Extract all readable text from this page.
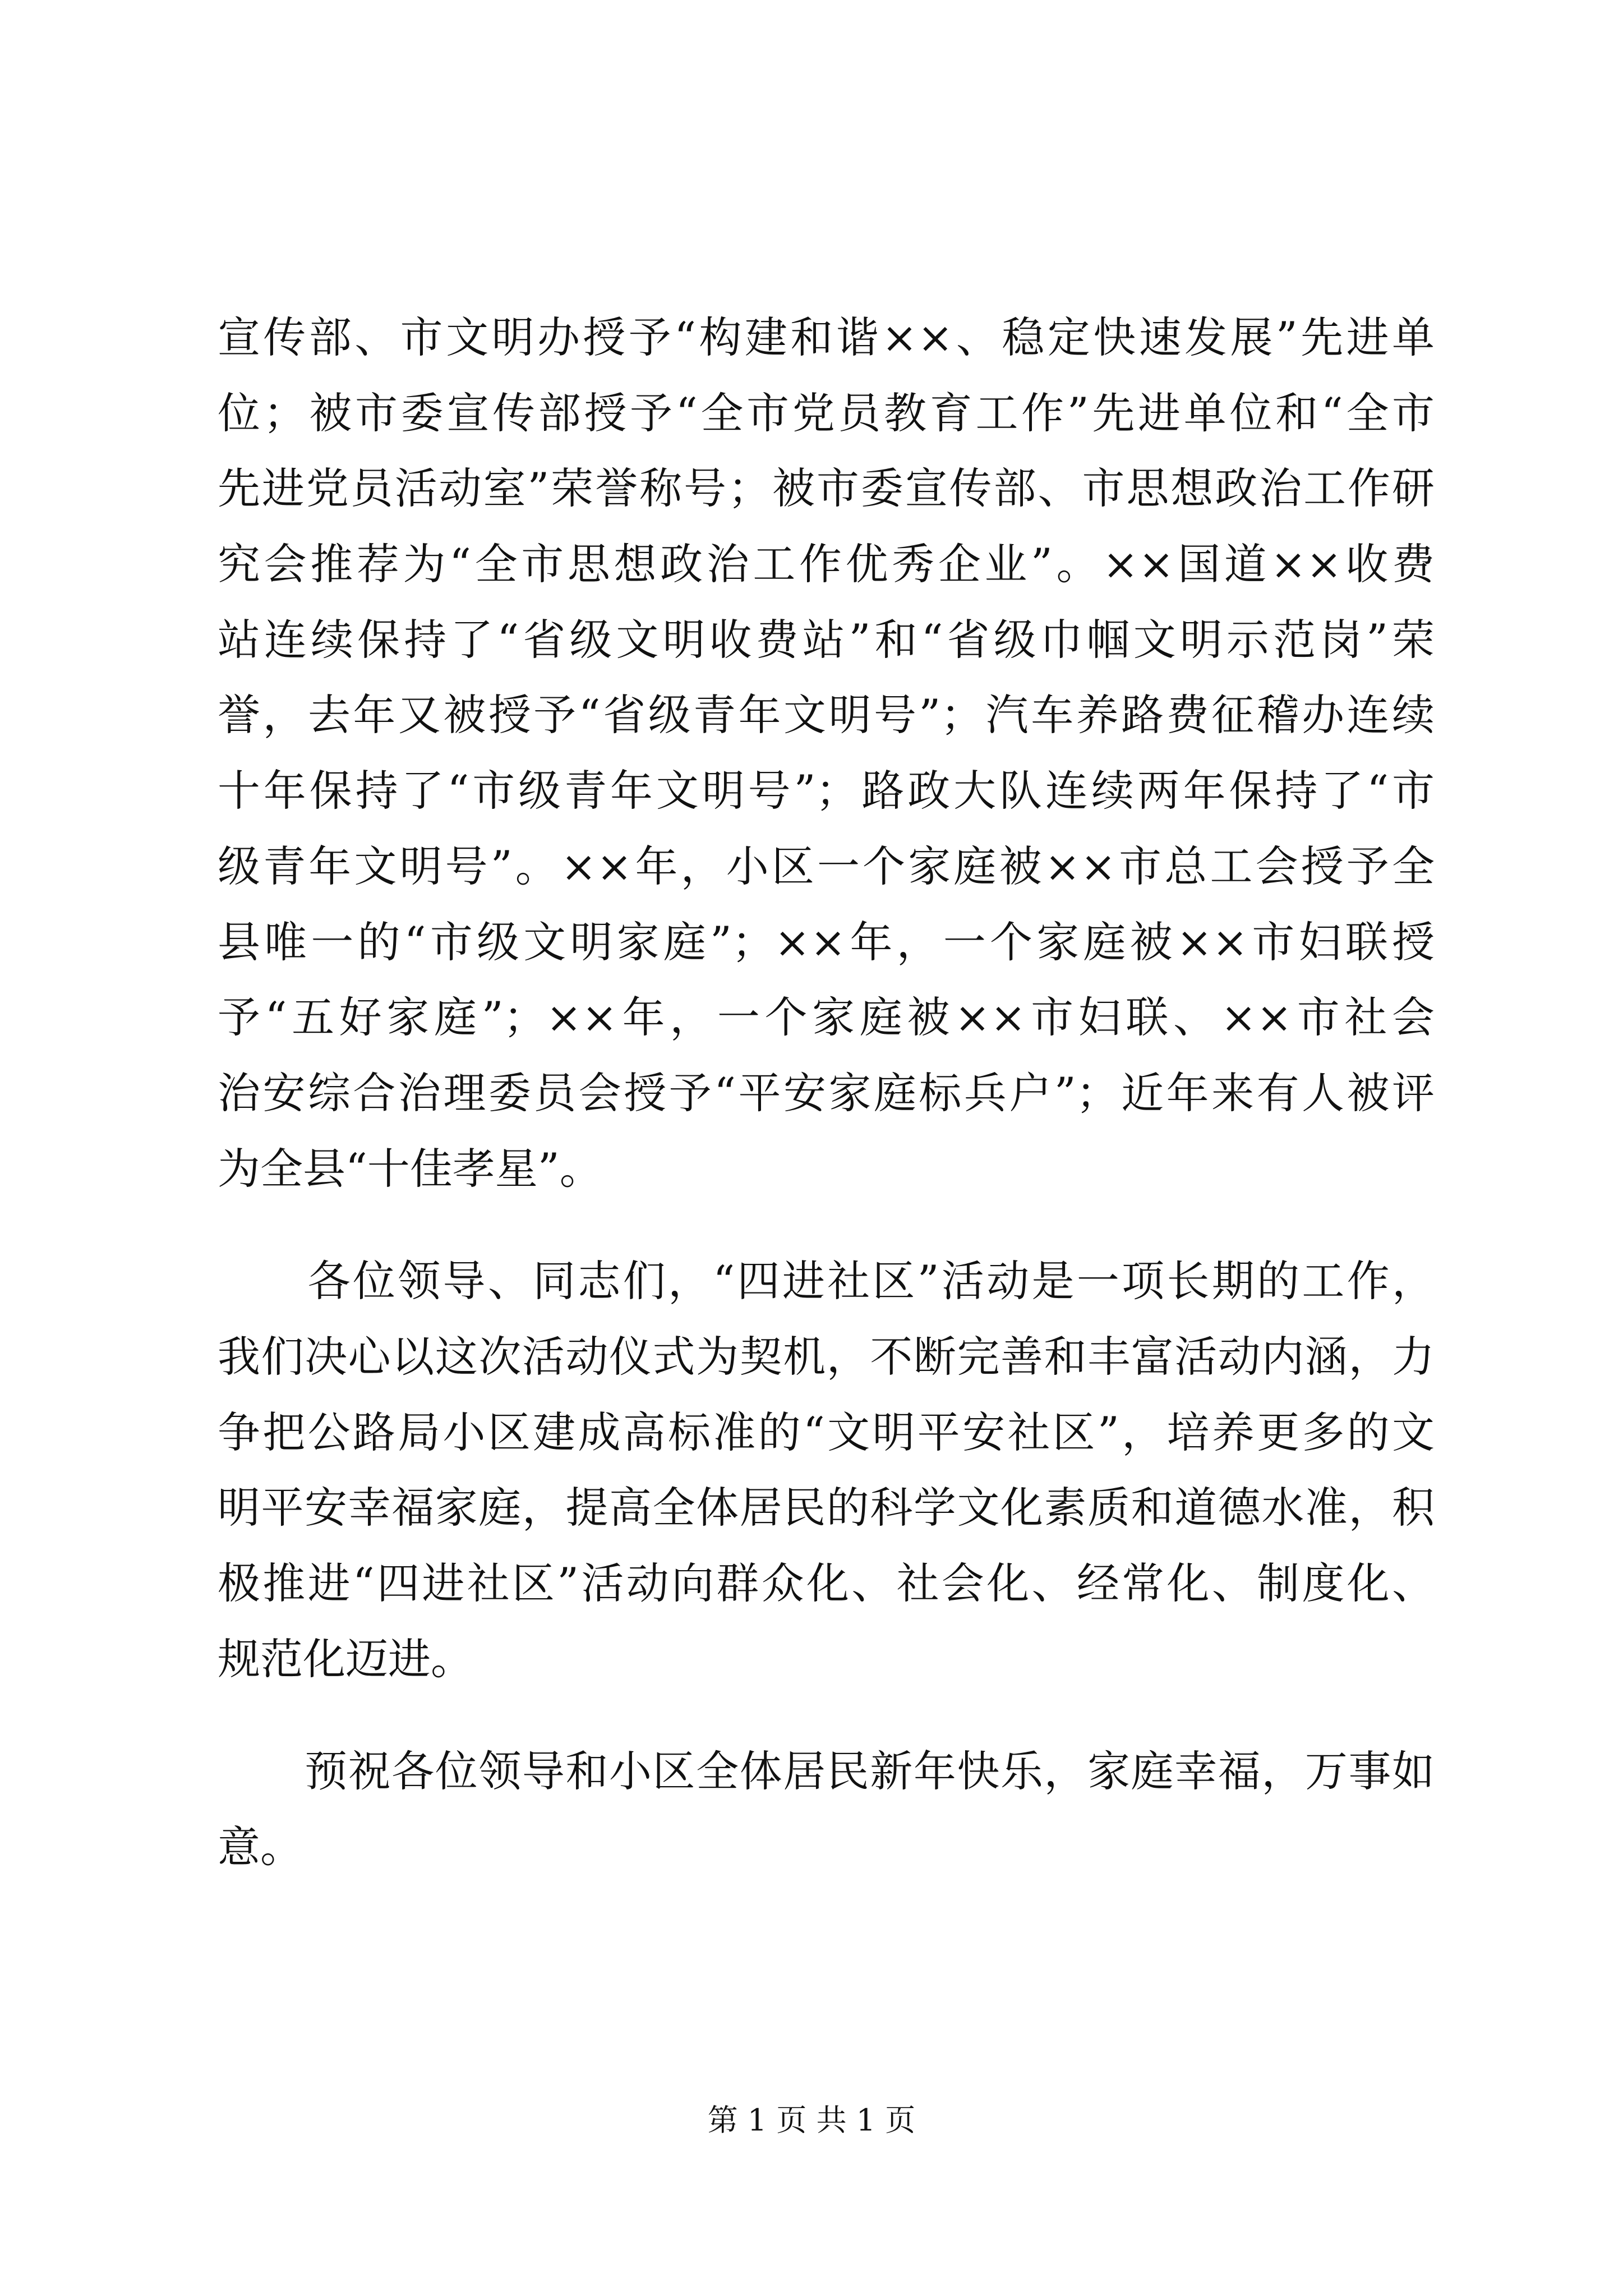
宣传部、市文明办授予“构建和谐××、稳定快速发展”先进单
位；被市委宣传部授予“全市党员教育工作”先进单位和“全市
先进党员活动室”荣誉称号；被市委宣传部、市思想政治工作研
究会推荐为“全市思想政治工作优秀企业”。××国道××收费
站连续保持了“省级文明收费站”和“省级巾帼文明示范岗”荣
誉，去年又被授予“省级青年文明号”；汽车养路费征稽办连续
十年保持了“市级青年文明号”；路政大队连续两年保持了“市
级青年文明号”。××年，小区一个家庭被××市总工会授予全
县唯一的“市级文明家庭”；××年，一个家庭被××市妇联授
予“五好家庭”；××年，一个家庭被××市妇联、××市社会
治安综合治理委员会授予“平安家庭标兵户”；近年来有人被评
为全县“十佳孝星”。
　　各位领导、同志们，“四进社区”活动是一项长期的工作，
我们决心以这次活动仪式为契机，不断完善和丰富活动内涵，力
争把公路局小区建成高标准的“文明平安社区”，培养更多的文
明平安幸福家庭，提高全体居民的科学文化素质和道德水准，积
极推进“四进社区”活动向群众化、社会化、经常化、制度化、
规范化迈进。
　　预祝各位领导和小区全体居民新年快乐，家庭幸福，万事如
意。
第 1 页 共 1 页
